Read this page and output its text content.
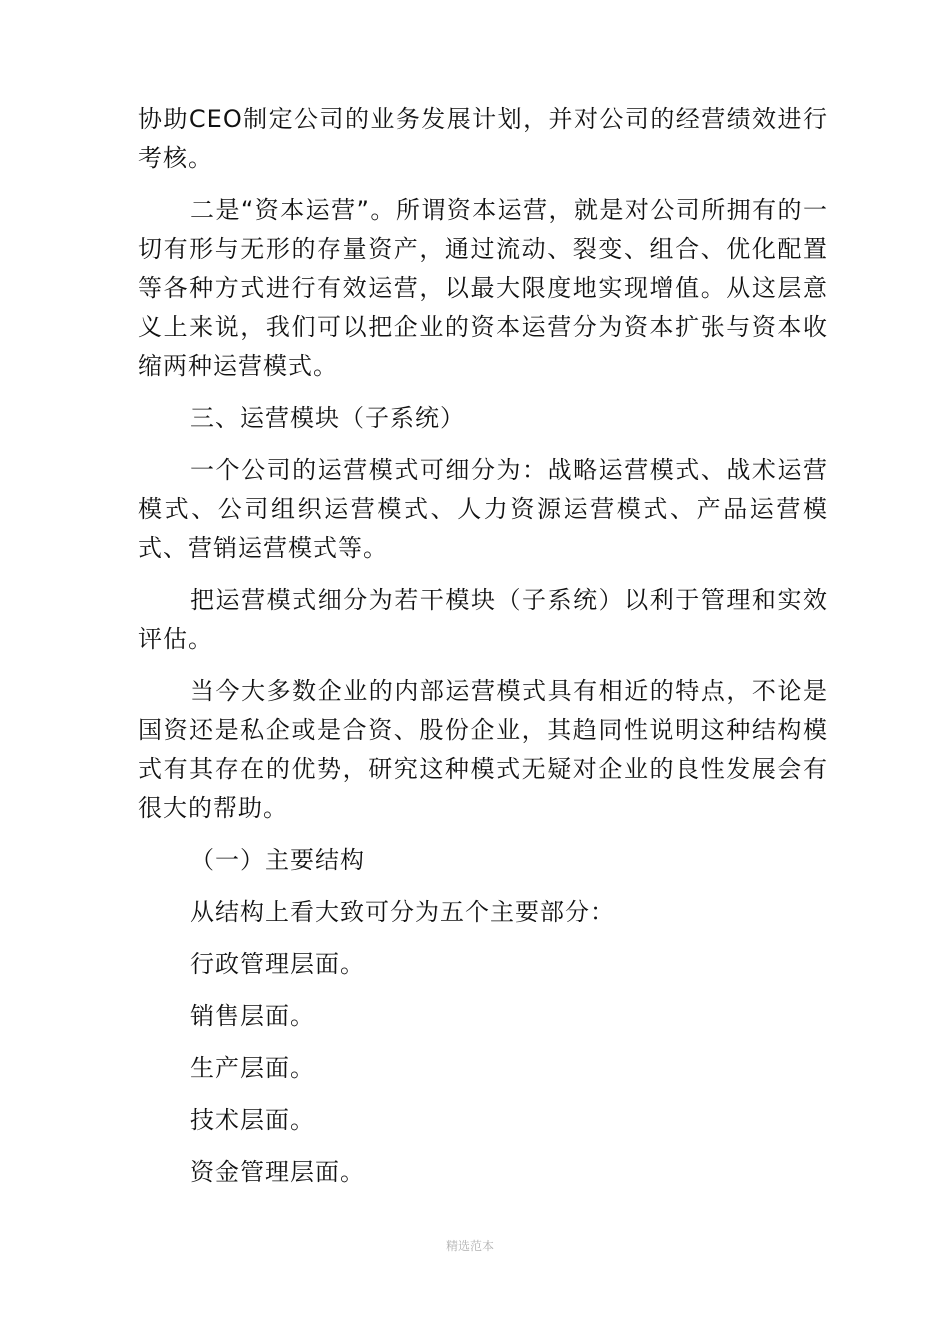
协助CEO制定公司的业务发展计划，并对公司的经营绩效进行考核。

二是“资本运营”。所谓资本运营，就是对公司所拥有的一切有形与无形的存量资产，通过流动、裂变、组合、优化配置等各种方式进行有效运营，以最大限度地实现增值。从这层意义上来说，我们可以把企业的资本运营分为资本扩张与资本收缩两种运营模式。

三、运营模块（子系统）

一个公司的运营模式可细分为：战略运营模式、战术运营模式、公司组织运营模式、人力资源运营模式、产品运营模式、营销运营模式等。

把运营模式细分为若干模块（子系统）以利于管理和实效评估。

当今大多数企业的内部运营模式具有相近的特点，不论是国资还是私企或是合资、股份企业，其趋同性说明这种结构模式有其存在的优势，研究这种模式无疑对企业的良性发展会有很大的帮助。

（一）主要结构

从结构上看大致可分为五个主要部分：

行政管理层面。

销售层面。

生产层面。

技术层面。

资金管理层面。

精选范本
